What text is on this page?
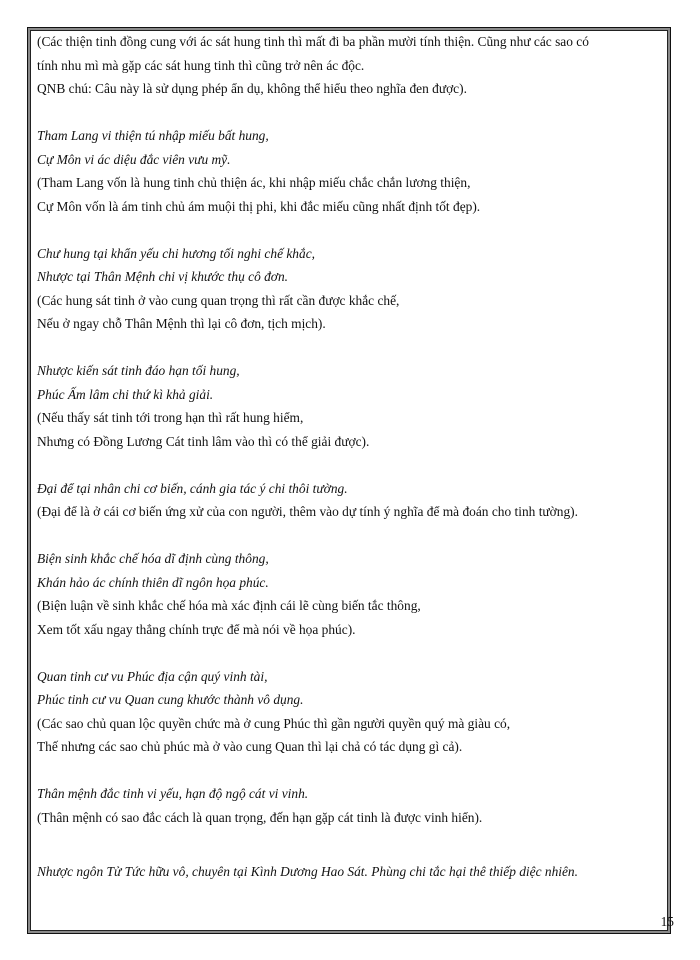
(Các thiện tinh đồng cung với ác sát hung tinh thì mất đi ba phần mười tính thiện. Cũng như các sao có
tính nhu mì mà gặp các sát hung tinh thì cũng trở nên ác độc.
QNB chú: Câu này là sử dụng phép ẩn dụ, không thể hiểu theo nghĩa đen được).
Tham Lang vi thiện tú nhập miếu bất hung,
Cự Môn vi ác diệu đắc viên vưu mỹ.
(Tham Lang vốn là hung tinh chủ thiện ác, khi nhập miếu chắc chắn lương thiện,
Cự Môn vốn là ám tinh chủ ám muội thị phi, khi đắc miếu cũng nhất định tốt đẹp).
Chư hung tại khẩn yếu chi hương tối nghi chế khắc,
Nhược tại Thân Mệnh chi vị khước thụ cô đơn.
(Các hung sát tinh ở vào cung quan trọng thì rất cần được khắc chế,
Nếu ở ngay chỗ Thân Mệnh thì lại cô đơn, tịch mịch).
Nhược kiến sát tinh đáo hạn tối hung,
Phúc Ấm lâm chi thứ kì khả giải.
(Nếu thấy sát tinh tới trong hạn thì rất hung hiểm,
Nhưng có Đồng Lương Cát tinh lâm vào thì có thể giải được).
Đại để tại nhân chi cơ biến, cánh gia tác ý chi thôi tường.
(Đại để là ở cái cơ biến ứng xử của con người, thêm vào dự tính ý nghĩa để mà đoán cho tinh tường).
Biện sinh khắc chế hóa dĩ định cùng thông,
Khán hảo ác chính thiên dĩ ngôn họa phúc.
(Biện luận về sinh khắc chế hóa mà xác định cái lẽ cùng biến tắc thông,
Xem tốt xấu ngay thẳng chính trực để mà nói về họa phúc).
Quan tinh cư vu Phúc địa cận quý vinh tài,
Phúc tinh cư vu Quan cung khước thành vô dụng.
(Các sao chủ quan lộc quyền chức mà ở cung Phúc thì gần người quyền quý mà giàu có,
Thế nhưng các sao chủ phúc mà ở vào cung Quan thì lại chả có tác dụng gì cả).
Thân mệnh đắc tinh vi yếu, hạn độ ngộ cát vi vinh.
(Thân mệnh có sao đắc cách là quan trọng, đến hạn gặp cát tinh là được vinh hiển).
Nhược ngôn Tử Tức hữu vô, chuyên tại Kình Dương Hao Sát. Phùng chi tắc hại thê thiếp diệc nhiên.
15
